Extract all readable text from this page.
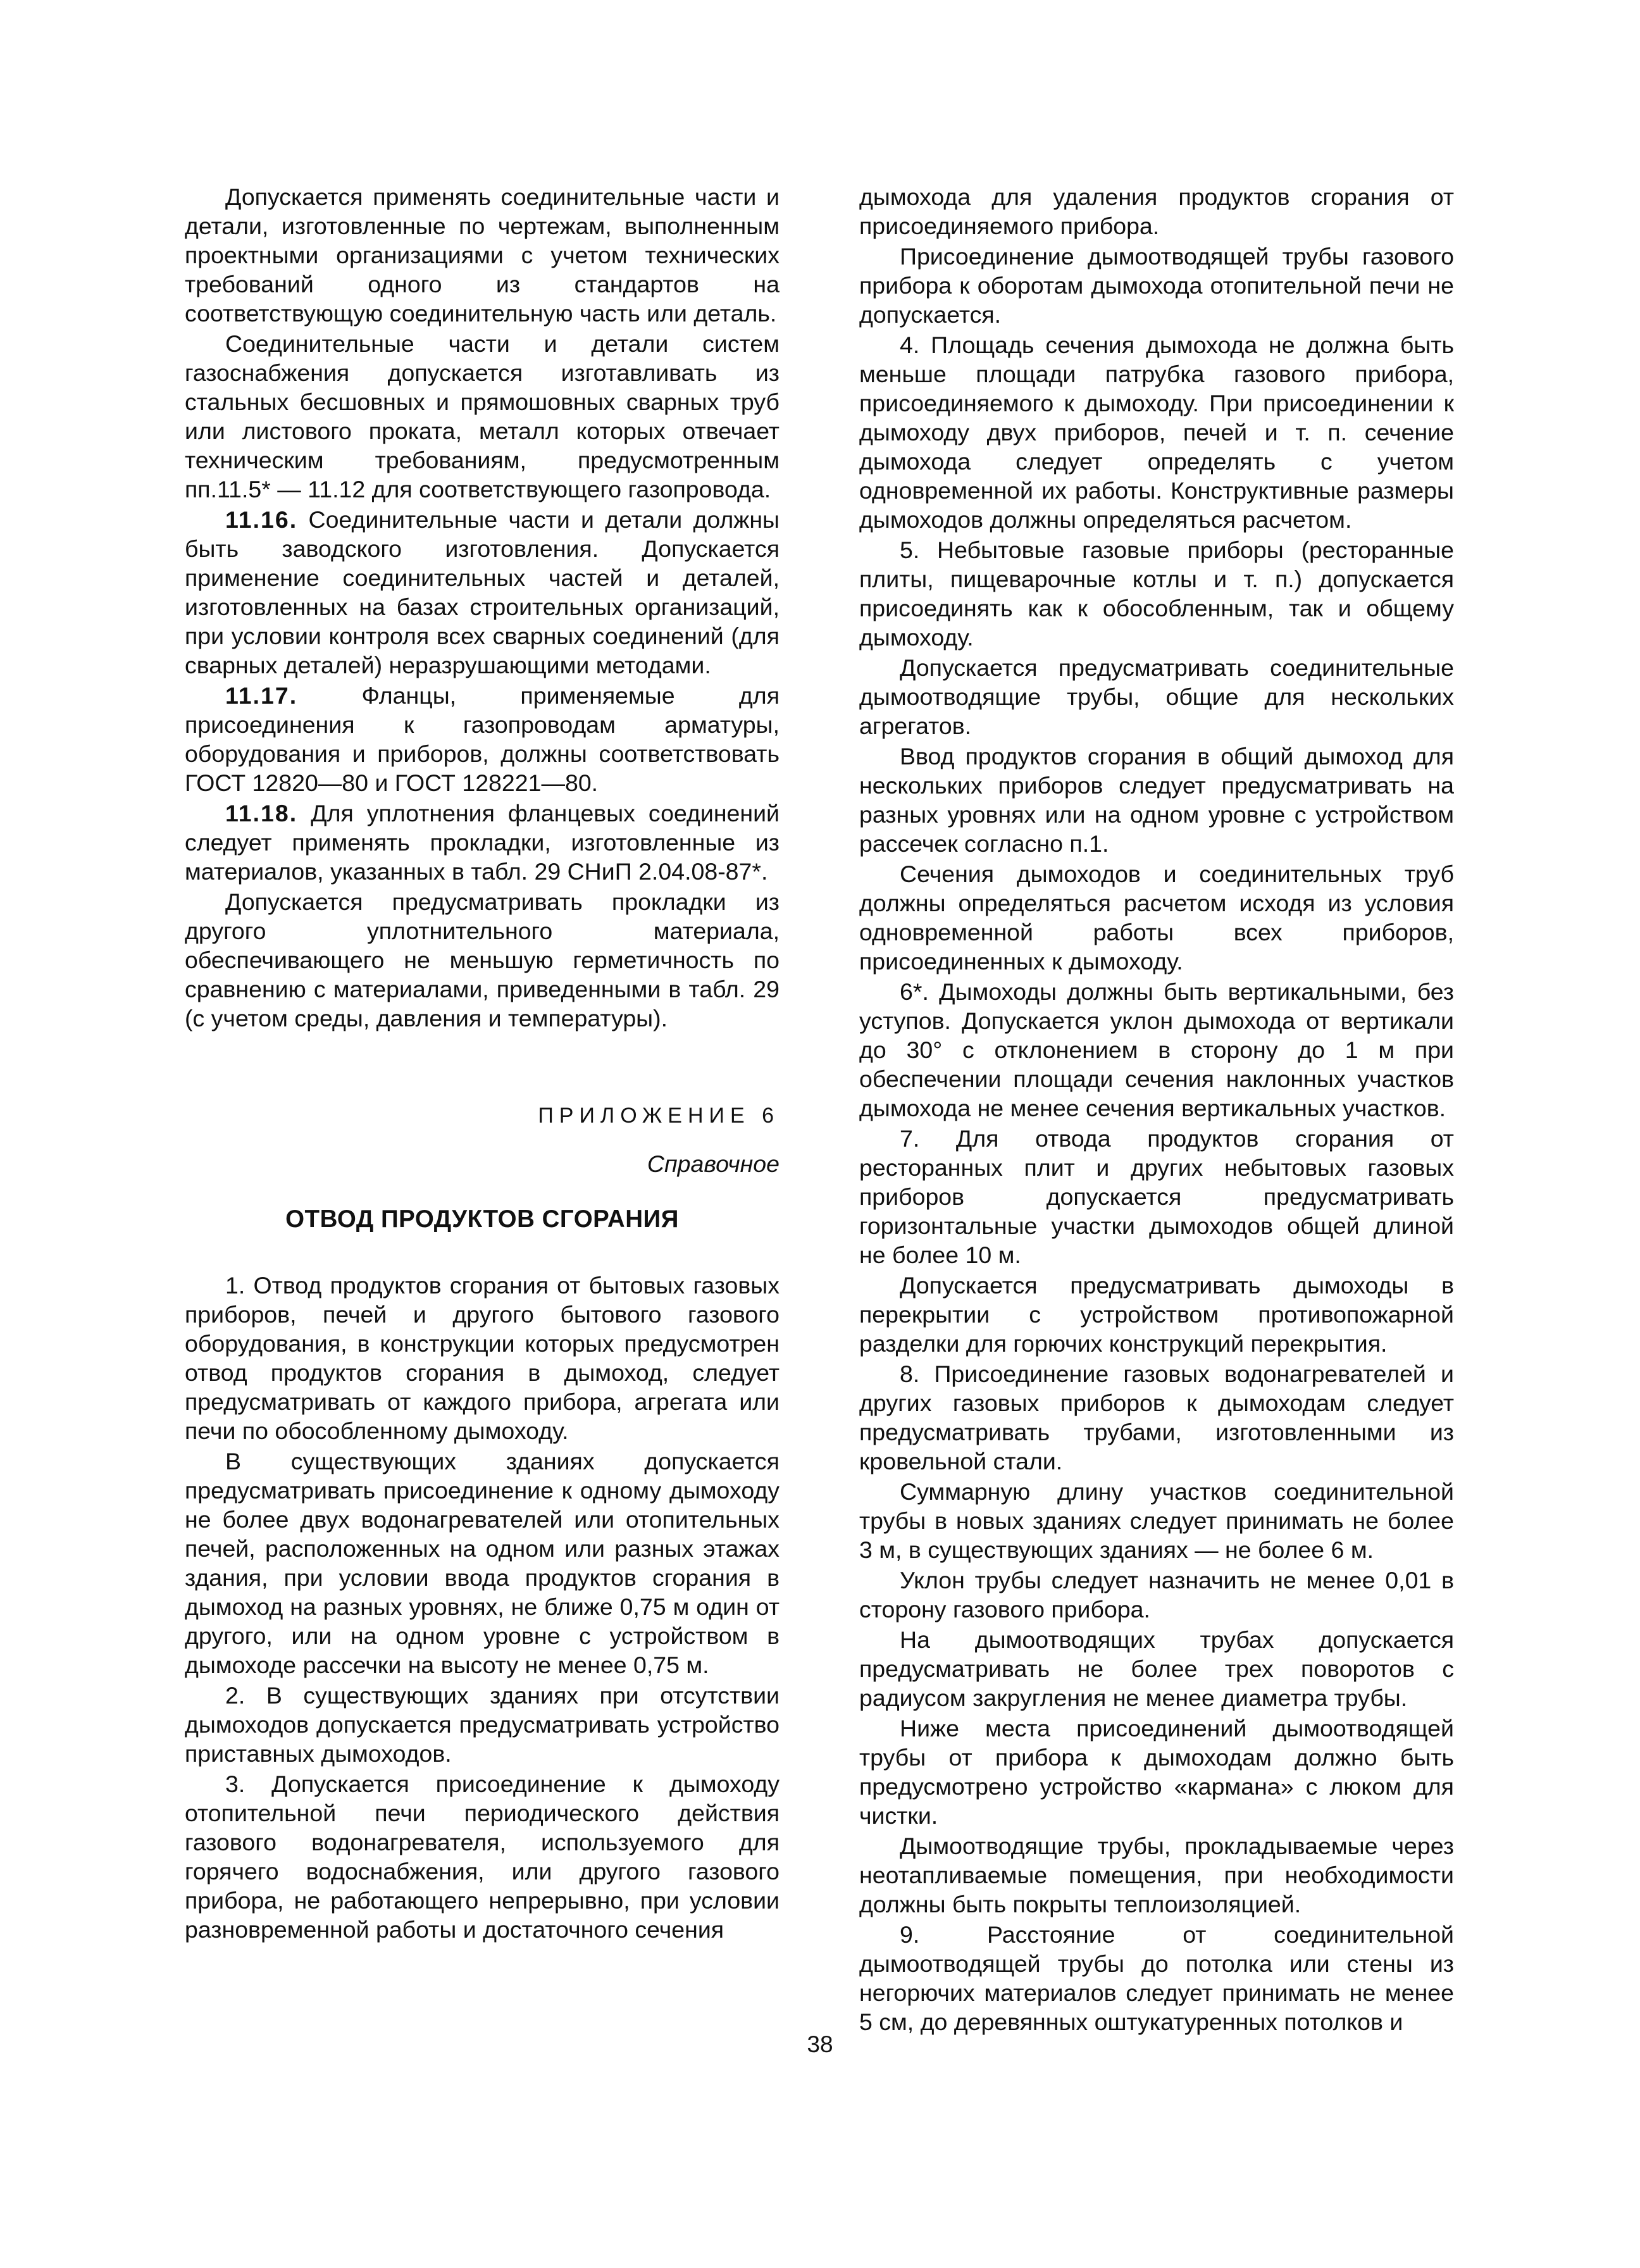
Допускается применять соединительные части и детали, изготовленные по чертежам, выполненным проектными организациями с учетом технических требований одного из стандартов на соответствующую соединительную часть или деталь.

Соединительные части и детали систем газоснабжения допускается изготавливать из стальных бесшовных и прямошовных сварных труб или листового проката, металл которых отвечает техническим требованиям, предусмотренным пп.11.5* — 11.12 для соответствующего газопровода.

11.16. Соединительные части и детали должны быть заводского изготовления. Допускается применение соединительных частей и деталей, изготовленных на базах строительных организаций, при условии контроля всех сварных соединений (для сварных деталей) неразрушающими методами.

11.17.	Фланцы, применяемые для присоединения к газопроводам арматуры, оборудования и приборов, должны соответствовать ГОСТ 12820—80 и ГОСТ 128221—80.

11.18. Для уплотнения фланцевых соединений следует применять прокладки, изготовленные из материалов, указанных в табл. 29 СНиП 2.04.08-87*.

Допускается предусматривать прокладки из другого уплотнительного материала, обеспечивающего не меньшую герметичность по сравнению с материалами, приведенными в табл. 29 (с учетом среды, давления и температуры).

ПРИЛОЖЕНИЕ 6
Справочное
ОТВОД ПРОДУКТОВ СГОРАНИЯ

1. Отвод продуктов сгорания от бытовых газовых приборов, печей и другого бытового газового оборудования, в конструкции которых предусмотрен отвод продуктов сгорания в дымоход, следует предусматривать от каждого прибора, агрегата или печи по обособленному дымоходу.

В существующих зданиях допускается предусматривать присоединение к одному дымоходу не более двух водонагревателей или отопительных печей, расположенных на одном или разных этажах здания, при условии ввода продуктов сгорания в дымоход на разных уровнях, не ближе 0,75 м один от другого, или на одном уровне с устройством в дымоходе рассечки на высоту не менее 0,75 м.

2. В существующих зданиях при отсутствии дымоходов допускается предусматривать устройство приставных дымоходов.

3. Допускается присоединение к дымоходу отопительной печи периодического действия газового водонагревателя, используемого для горячего водоснабжения, или другого газового прибора, не работающего непрерывно, при условии разновременной работы и достаточного сечения

дымохода для удаления продуктов сгорания от присоединяемого прибора.

Присоединение дымоотводящей трубы газового прибора к оборотам дымохода отопительной печи не допускается.

4. Площадь сечения дымохода не должна быть меньше площади патрубка газового прибора, присоединяемого к дымоходу. При присоединении к дымоходу двух приборов, печей и т. п. сечение дымохода следует определять с учетом одновременной их работы. Конструктивные размеры дымоходов должны определяться расчетом.

5. Небытовые газовые приборы (ресторанные плиты, пищеварочные котлы и т. п.) допускается присоединять как к обособленным, так и общему дымоходу.

Допускается предусматривать соединительные дымоотводящие трубы, общие для нескольких агрегатов.

Ввод продуктов сгорания в общий дымоход для нескольких приборов следует предусматривать на разных уровнях или на одном уровне с устройством рассечек согласно п.1.

Сечения дымоходов и соединительных труб должны определяться расчетом исходя из условия одновременной работы всех приборов, присоединенных к дымоходу.

6*. Дымоходы должны быть вертикальными, без уступов. Допускается уклон дымохода от вертикали до 30° с отклонением в сторону до 1 м при обеспечении площади сечения наклонных участков дымохода не менее сечения вертикальных участков.

7. Для отвода продуктов сгорания от ресторанных плит и других небытовых газовых приборов допускается предусматривать горизонтальные участки дымоходов общей длиной не более 10 м.

Допускается предусматривать дымоходы в перекрытии с устройством противопожарной разделки для горючих конструкций перекрытия.

8. Присоединение газовых водонагревателей и других газовых приборов к дымоходам следует предусматривать трубами, изготовленными из кровельной стали.

Суммарную длину участков соединительной трубы в новых зданиях следует принимать не более 3 м, в существующих зданиях — не более 6 м.

Уклон трубы следует назначить не менее 0,01 в сторону газового прибора.

На дымоотводящих трубах допускается предусматривать не более трех поворотов с радиусом закругления не менее диаметра трубы.

Ниже места присоединений дымоотводящей трубы от прибора к дымоходам должно быть предусмотрено устройство «кармана» с люком для чистки.

Дымоотводящие трубы, прокладываемые через неотапливаемые помещения, при необходимости должны быть покрыты теплоизоляцией.

9. Расстояние от соединительной дымоотводящей трубы до потолка или стены из негорючих материалов следует принимать не менее 5 см, до деревянных оштукатуренных потолков и

38
